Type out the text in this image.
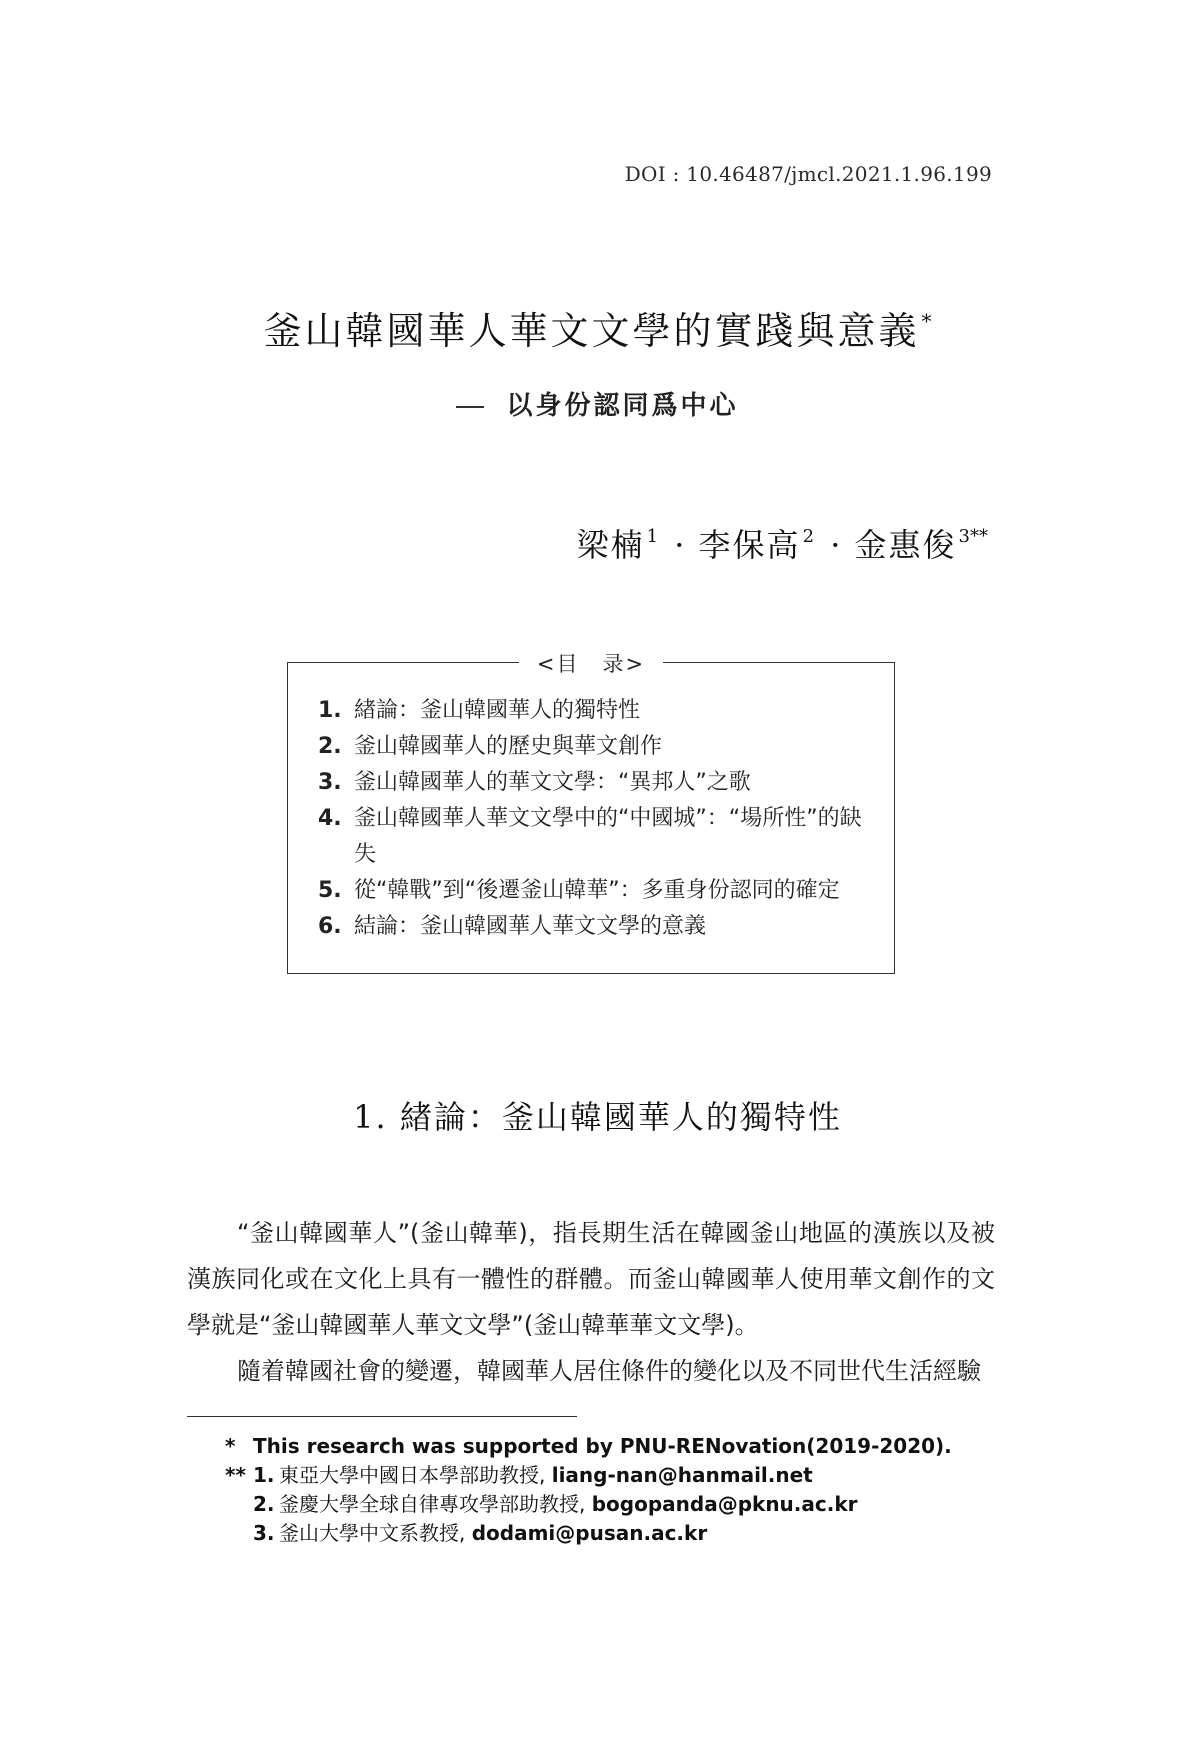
DOI : 10.46487/jmcl.2021.1.96.199
釜山韓國華人華文文學的實踐與意義 *
以身份認同爲中心
梁楠 $^1$ · 李保高 $^2$ · 金惠俊 $^{3**}$
<目　录>
1. 緖論：釜山韓國華人的獨特性
2. 釜山韓國華人的歷史與華文創作
3. 釜山韓國華人的華文文學：“異邦人”之歌
4. 釜山韓國華人華文文學中的“中國城”：“場所性”的缺失
5. 從“韓戰”到“後遷釜山韓華”：多重身份認同的確定
6. 結論：釜山韓國華人華文文學的意義
1. 緖論：釜山韓國華人的獨特性

“釜山韓國華人”(釜山韓華)，指長期生活在韓國釜山地區的漢族以及被漢族同化或在文化上具有一體性的群體。而釜山韓國華人使用華文創作的文學就是“釜山韓國華人華文文學”(釜山韓華華文文學)。

隨着韓國社會的變遷，韓國華人居住條件的變化以及不同世代生活經驗

* This research was supported by PNU-RENovation(2019-2020).
** 1. 東亞大學中國日本學部助教授, liang-nan@hanmail.net
2. 釜慶大學全球自律專攻學部助教授, bogopanda@pknu.ac.kr
3. 釜山大學中文系教授, dodami@pusan.ac.kr
